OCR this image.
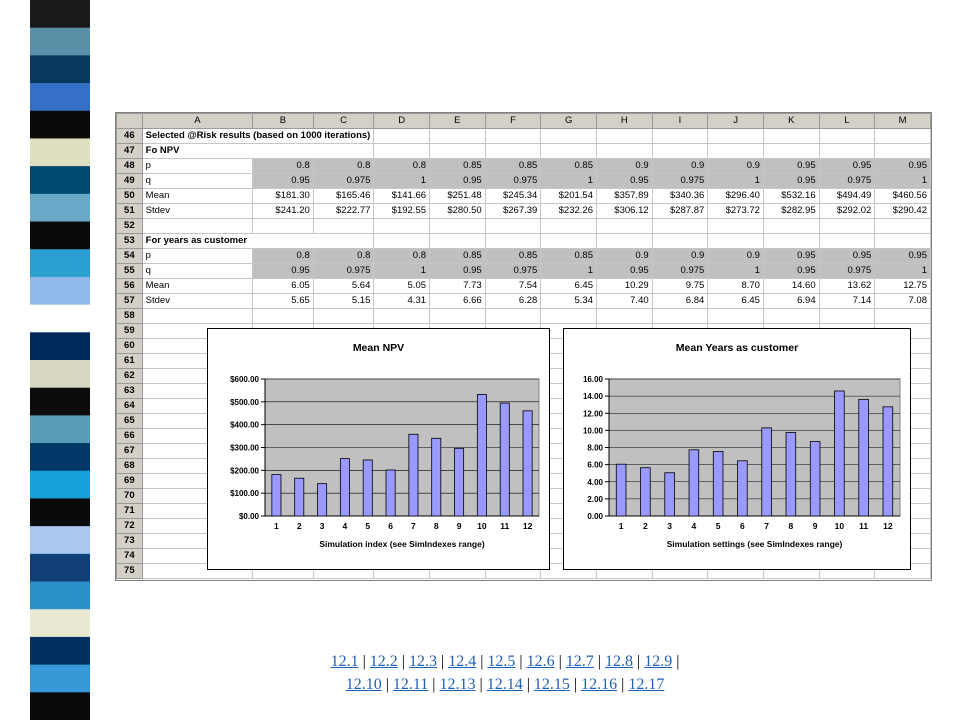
	A	B	C	D	E	F	G	H	I	J	K	L	M
46	Selected @Risk results (based on 1000 iterations)												
47	Fo NPV												
48	p	0.8	0.8	0.8	0.85	0.85	0.85	0.9	0.9	0.9	0.95	0.95	0.95
49	q	0.95	0.975	1	0.95	0.975	1	0.95	0.975	1	0.95	0.975	1
50	Mean	$181.30	$165.46	$141.66	$251.48	$245.34	$201.54	$357.89	$340.36	$296.40	$532.16	$494.49	$460.56
51	Stdev	$241.20	$222.77	$192.55	$280.50	$267.39	$232.26	$306.12	$287.87	$273.72	$282.95	$292.02	$290.42
52													
53	For years as customer												
54	p	0.8	0.8	0.8	0.85	0.85	0.85	0.9	0.9	0.9	0.95	0.95	0.95
55	q	0.95	0.975	1	0.95	0.975	1	0.95	0.975	1	0.95	0.975	1
56	Mean	6.05	5.64	5.05	7.73	7.54	6.45	10.29	9.75	8.70	14.60	13.62	12.75
57	Stdev	5.65	5.15	4.31	6.66	6.28	5.34	7.40	6.84	6.45	6.94	7.14	7.08
58													
59													
60													
61													
62													
63													
64													
65													
66													
67													
68													
69													
70													
71													
72													
73													
74													
75													
Mean NPV
$0.00
$100.00
$200.00
$300.00
$400.00
$500.00
$600.00
1 2 3 4 5 6 7 8 9 10 11 12
Simulation index (see SimIndexes range)
Mean Years as customer
0.00
2.00
4.00
6.00
8.00
10.00
12.00
14.00
16.00
1 2 3 4 5 6 7 8 9 10 11 12
Simulation settings (see SimIndexes range)
12.1 | 12.2 | 12.3 | 12.4 | 12.5 | 12.6 | 12.7 | 12.8 | 12.9 |
12.10 | 12.11 | 12.13 | 12.14 | 12.15 | 12.16 | 12.17
